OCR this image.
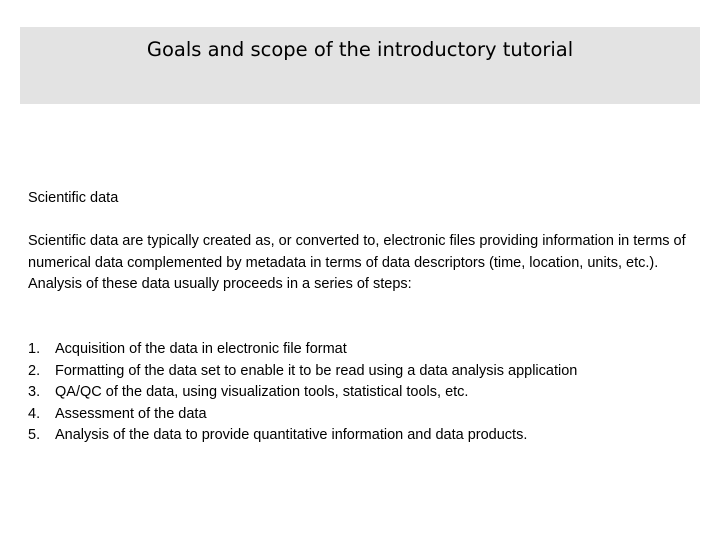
Goals and scope of the introductory tutorial
Scientific data

Scientific data are typically created as, or converted to, electronic files providing information in terms of numerical data complemented by metadata in terms of data descriptors (time, location, units, etc.). Analysis of these data usually proceeds in a series of steps:

1.	Acquisition of the data in electronic file format
2.	Formatting of the data set to enable it to be read using a data analysis application
3.	QA/QC of the data, using visualization tools, statistical tools, etc.
4.	Assessment of the data
5.	Analysis of the data to provide quantitative information and data products.
